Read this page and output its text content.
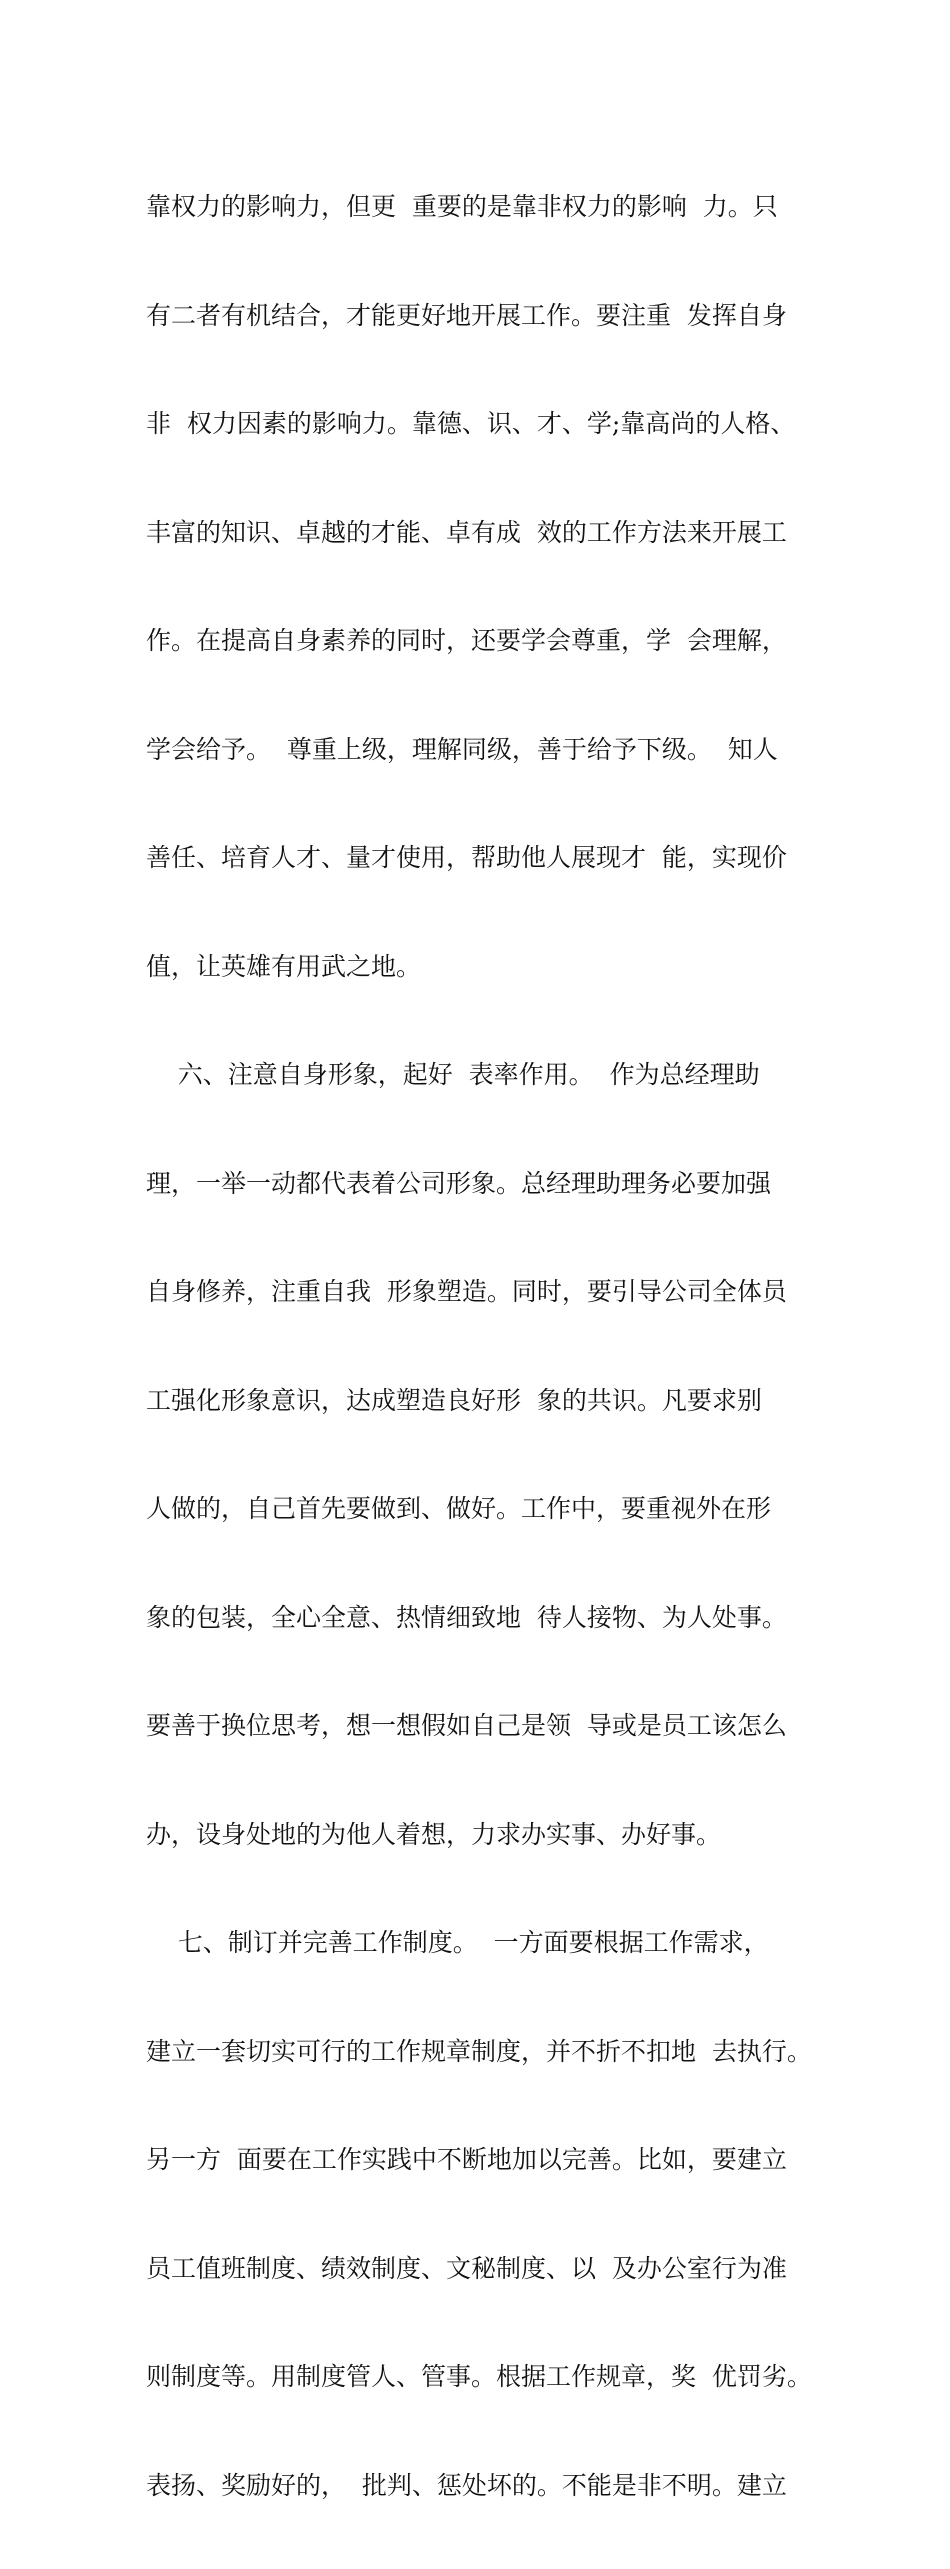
靠权力的影响力，但更  重要的是靠非权力的影响  力。只

有二者有机结合，才能更好地开展工作。要注重  发挥自身

非  权力因素的影响力。靠德、识、才、学;靠高尚的人格、

丰富的知识、卓越的才能、卓有成  效的工作方法来开展工

作。在提高自身素养的同时，还要学会尊重，学  会理解，

学会给予。  尊重上级，理解同级，善于给予下级。  知人

善任、培育人才、量才使用，帮助他人展现才  能，实现价

值，让英雄有用武之地。

六、注意自身形象，起好  表率作用。  作为总经理助

理，一举一动都代表着公司形象。总经理助理务必要加强

自身修养，注重自我  形象塑造。同时，要引导公司全体员

工强化形象意识，达成塑造良好形  象的共识。凡要求别

人做的，自己首先要做到、做好。工作中，要重视外在形

象的包装，全心全意、热情细致地  待人接物、为人处事。

要善于换位思考，想一想假如自己是领  导或是员工该怎么

办，设身处地的为他人着想，力求办实事、办好事。

七、制订并完善工作制度。  一方面要根据工作需求，

建立一套切实可行的工作规章制度，并不折不扣地  去执行。

另一方  面要在工作实践中不断地加以完善。比如，要建立

员工值班制度、绩效制度、文秘制度、以  及办公室行为准

则制度等。用制度管人、管事。根据工作规章，奖  优罚劣。

表扬、奖励好的，  批判、惩处坏的。不能是非不明。建立
